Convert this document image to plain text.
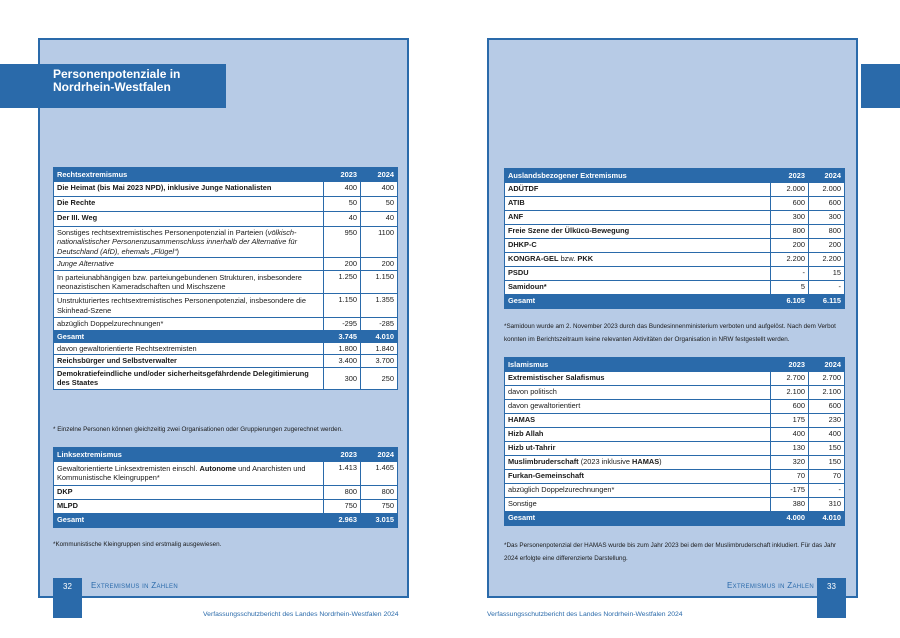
Personenpotenziale in Nordrhein-Westfalen
Rechtsextremismus	2023	2024
Die Heimat (bis Mai 2023 NPD), inklusive Junge Nationalisten	400	400
Die Rechte	50	50
Der III. Weg	40	40
Sonstiges rechtsextremistisches Personenpotenzial in Parteien (völkisch-nationalistischer Personenzusammenschluss innerhalb der Alternative für Deutschland (AfD), ehemals „Flügel“)	950	1100
Junge Alternative	200	200
In parteiunabhängigen bzw. parteiungebundenen Strukturen, insbesondere neonazistischen Kameradschaften und Mischszene	1.250	1.150
Unstrukturiertes rechtsextremistisches Personenpotenzial, insbesondere die Skinhead-Szene	1.150	1.355
abzüglich Doppelzurechnungen*	-295	-285
Gesamt	3.745	4.010
davon gewaltorientierte Rechtsextremisten	1.800	1.840
Reichsbürger und Selbstverwalter	3.400	3.700
Demokratiefeindliche und/oder sicherheitsgefährdende Delegitimierung des Staates	300	250
* Einzelne Personen können gleichzeitig zwei Organisationen oder Gruppierungen zugerechnet werden.
Linksextremismus	2023	2024
Gewaltorientierte Linksextremisten einschl. Autonome und Anarchisten und Kommunistische Kleingruppen*	1.413	1.465
DKP	800	800
MLPD	750	750
Gesamt	2.963	3.015
*Kommunistische Kleingruppen sind erstmalig ausgewiesen.
32	Extremismus in Zahlen
Verfassungsschutzbericht des Landes Nordrhein-Westfalen 2024
Auslandsbezogener Extremismus	2023	2024
ADÜTDF	2.000	2.000
ATIB	600	600
ANF	300	300
Freie Szene der Ülkücü-Bewegung	800	800
DHKP-C	200	200
KONGRA-GEL bzw. PKK	2.200	2.200
PSDU	-	15
Samidoun*	5	-
Gesamt	6.105	6.115
*Samidoun wurde am 2. November 2023 durch das Bundesinnenministerium verboten und aufgelöst. Nach dem Verbot konnten im Berichtszeitraum keine relevanten Aktivitäten der Organisation in NRW festgestellt werden.
Islamismus	2023	2024
Extremistischer Salafismus	2.700	2.700
davon politisch	2.100	2.100
davon gewaltorientiert	600	600
HAMAS	175	230
Hizb Allah	400	400
Hizb ut-Tahrir	130	150
Muslimbruderschaft (2023 inklusive HAMAS)	320	150
Furkan-Gemeinschaft	70	70
abzüglich Doppelzurechnungen*	-175	-
Sonstige	380	310
Gesamt	4.000	4.010
*Das Personenpotenzial der HAMAS wurde bis zum Jahr 2023 bei dem der Muslimbruderschaft inkludiert. Für das Jahr 2024 erfolgte eine differenzierte Darstellung.
33
Extremismus in Zahlen
Verfassungsschutzbericht des Landes Nordrhein-Westfalen 2024
